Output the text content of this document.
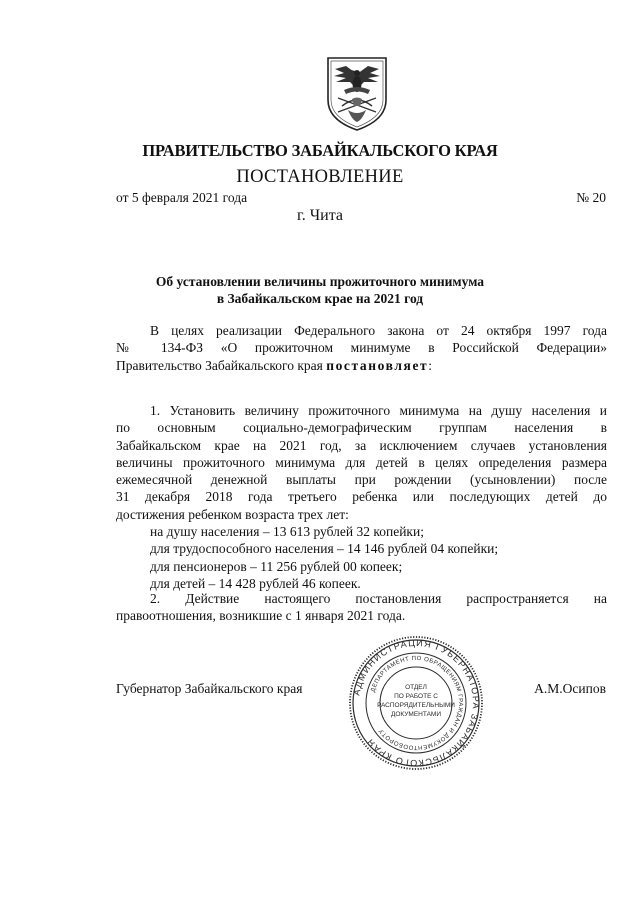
ПРАВИТЕЛЬСТВО ЗАБАЙКАЛЬСКОГО КРАЯ
ПОСТАНОВЛЕНИЕ
от 5 февраля 2021 года	№ 20
г. Чита
Об установлении величины прожиточного минимума
в Забайкальском крае на 2021 год
В целях реализации Федерального закона от 24 октября 1997 года
№ 134-ФЗ «О прожиточном минимуме в Российской Федерации»
Правительство Забайкальского края постановляет:
1. Установить величину прожиточного минимума на душу населения и
по основным социально-демографическим группам населения в
Забайкальском крае на 2021 год, за исключением случаев установления
величины прожиточного минимума для детей в целях определения размера
ежемесячной денежной выплаты при рождении (усыновлении) после
31 декабря 2018 года третьего ребенка или последующих детей до
достижения ребенком возраста трех лет:
на душу населения – 13 613 рублей 32 копейки;
для трудоспособного населения – 14 146 рублей 04 копейки;
для пенсионеров – 11 256 рублей 00 копеек;
для детей – 14 428 рублей 46 копеек.
2. Действие настоящего постановления распространяется на
правоотношения, возникшие с 1 января 2021 года.
Губернатор Забайкальского края	А.М.Осипов
АДМИНИСТРАЦИЯ ГУБЕРНАТОРА ЗАБАЙКАЛЬСКОГО КРАЯ
ДЕПАРТАМЕНТ ПО ОБРАЩЕНИЯМ ГРАЖДАН И ДОКУМЕНТООБОРОТУ
ОТДЕЛ
ПО РАБОТЕ С
РАСПОРЯДИТЕЛЬНЫМИ
ДОКУМЕНТАМИ
